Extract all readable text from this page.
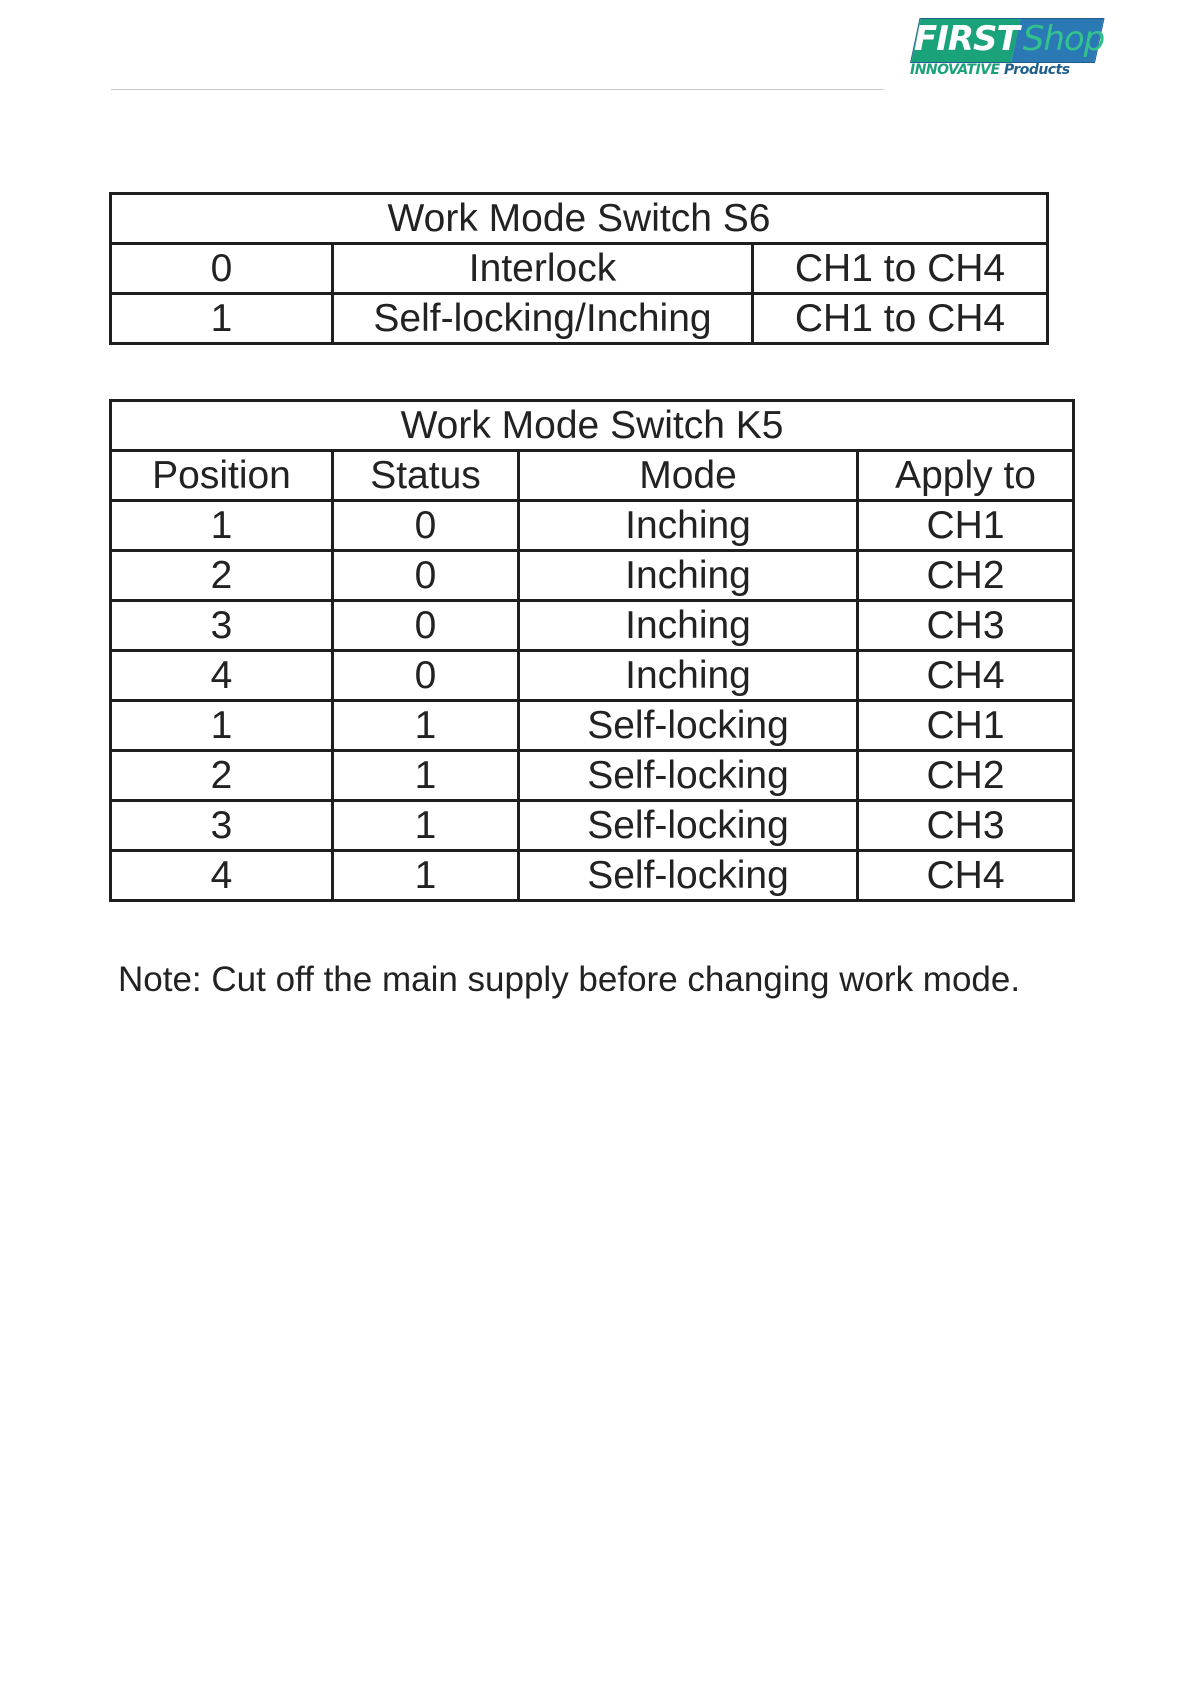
FIRST Shop
INNOVATIVE Products
Work Mode Switch S6		
0	Interlock	CH1 to CH4
1	Self-locking/Inching	CH1 to CH4
Work Mode Switch K5			
Position	Status	Mode	Apply to
1	0	Inching	CH1
2	0	Inching	CH2
3	0	Inching	CH3
4	0	Inching	CH4
1	1	Self-locking	CH1
2	1	Self-locking	CH2
3	1	Self-locking	CH3
4	1	Self-locking	CH4
Note: Cut off the main supply before changing work mode.
